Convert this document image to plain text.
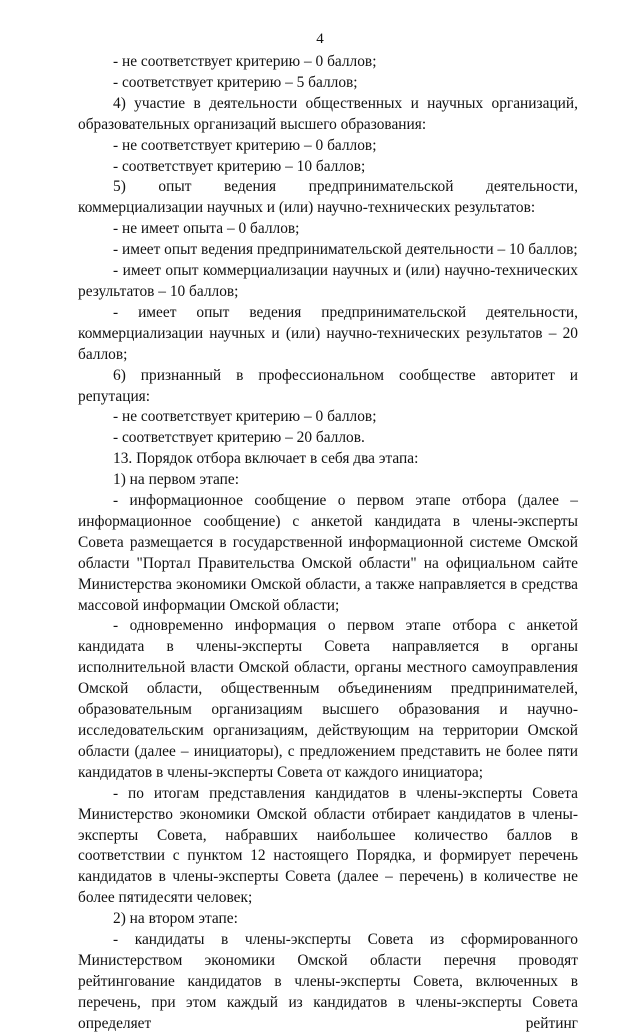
4

- не соответствует критерию – 0 баллов;

- соответствует критерию – 5 баллов;

4) участие в деятельности общественных и научных организаций, образовательных организаций высшего образования:

- не соответствует критерию – 0 баллов;

- соответствует критерию – 10 баллов;

5) опыт ведения предпринимательской деятельности, коммерциализации научных и (или) научно-технических результатов:

- не имеет опыта – 0 баллов;

- имеет опыт ведения предпринимательской деятельности – 10 баллов;

- имеет опыт коммерциализации научных и (или) научно-технических результатов – 10 баллов;

- имеет опыт ведения предпринимательской деятельности, коммерциализации научных и (или) научно-технических результатов – 20 баллов;

6) признанный в профессиональном сообществе авторитет и репутация:

- не соответствует критерию – 0 баллов;

- соответствует критерию – 20 баллов.

13. Порядок отбора включает в себя два этапа:

1) на первом этапе:

- информационное сообщение о первом этапе отбора (далее – информационное сообщение) с анкетой кандидата в члены-эксперты Совета размещается в государственной информационной системе Омской области "Портал Правительства Омской области" на официальном сайте Министерства экономики Омской области, а также направляется в средства массовой информации Омской области;

- одновременно информация о первом этапе отбора с анкетой кандидата в члены-эксперты Совета направляется в органы исполнительной власти Омской области, органы местного самоуправления Омской области, общественным объединениям предпринимателей, образовательным организациям высшего образования и научно-исследовательским организациям, действующим на территории Омской области (далее – инициаторы), с предложением представить не более пяти кандидатов в члены-эксперты Совета от каждого инициатора;

- по итогам представления кандидатов в члены-эксперты Совета Министерство экономики Омской области отбирает кандидатов в члены-эксперты Совета, набравших наибольшее количество баллов в соответствии с пунктом 12 настоящего Порядка, и формирует перечень кандидатов в члены-эксперты Совета (далее – перечень) в количестве не более пятидесяти человек;

2) на втором этапе:

- кандидаты в члены-эксперты Совета из сформированного Министерством экономики Омской области перечня проводят рейтингование кандидатов в члены-эксперты Совета, включенных в перечень, при этом каждый из кандидатов в члены-эксперты Совета определяет рейтинг
